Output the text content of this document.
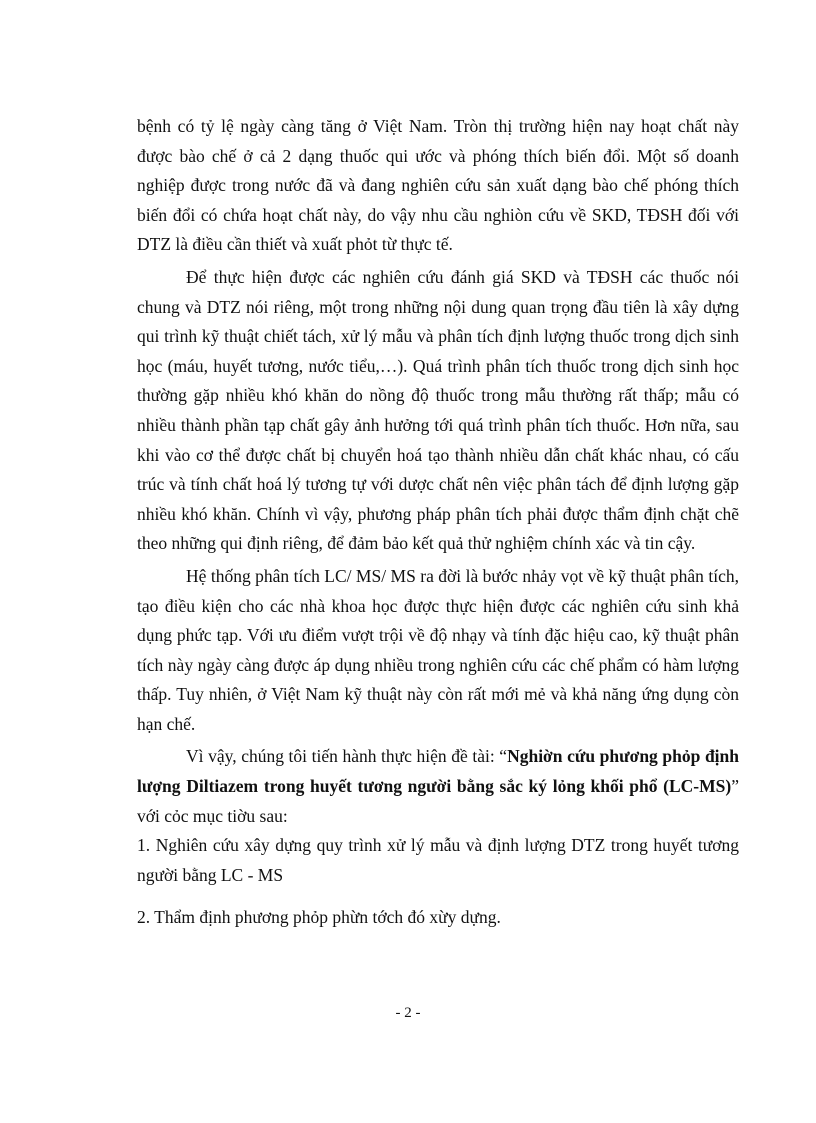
bệnh có tỷ lệ ngày càng tăng ở Việt Nam. Tròn thị trường hiện nay hoạt chất này được bào chế ở cả 2 dạng thuốc qui ước và phóng thích biến đổi. Một số doanh nghiệp được trong nước đã và đang nghiên cứu sản xuất dạng bào chế phóng thích biến đổi có chứa hoạt chất này, do vậy nhu cầu nghiòn cứu về SKD, TĐSH đối với DTZ là điều cần thiết và xuất phỏt từ thực tế.

Để thực hiện được các nghiên cứu đánh giá SKD và TĐSH các thuốc nói chung và DTZ nói riêng, một trong những nội dung quan trọng đầu tiên là xây dựng qui trình kỹ thuật chiết tách, xử lý mẫu và phân tích định lượng thuốc trong dịch sinh học (máu, huyết tương, nước tiểu,…). Quá trình phân tích thuốc trong dịch sinh học thường gặp nhiều khó khăn do nồng độ thuốc trong mẫu thường rất thấp; mẫu có nhiều thành phần tạp chất gây ảnh hưởng tới quá trình phân tích thuốc. Hơn nữa, sau khi vào cơ thể được chất bị chuyển hoá tạo thành nhiều dẫn chất khác nhau, có cấu trúc và tính chất hoá lý tương tự với dược chất nên việc phân tách để định lượng gặp nhiều khó khăn. Chính vì vậy, phương pháp phân tích phải được thẩm định chặt chẽ theo những qui định riêng, để đảm bảo kết quả thử nghiệm chính xác và tin cậy.

Hệ thống phân tích LC/ MS/ MS ra đời là bước nhảy vọt về kỹ thuật phân tích, tạo điều kiện cho các nhà khoa học được thực hiện được các nghiên cứu sinh khả dụng phức tạp. Với ưu điểm vượt trội về độ nhạy và tính đặc hiệu cao, kỹ thuật phân tích này ngày càng được áp dụng nhiều trong nghiên cứu các chế phẩm có hàm lượng thấp. Tuy nhiên, ở Việt Nam kỹ thuật này còn rất mới mẻ và khả năng ứng dụng còn hạn chế.

Vì vậy, chúng tôi tiến hành thực hiện đề tài: “Nghiờn cứu phương phỏp định lượng Diltiazem trong huyết tương người bằng sắc ký lỏng khối phổ (LC-MS)” với cỏc mục tiờu sau:

1. Nghiên cứu xây dựng quy trình xử lý mẫu và định lượng DTZ trong huyết tương người bằng LC - MS

2. Thẩm định phương phỏp phừn tớch đó xừy dựng.

- 2 -
